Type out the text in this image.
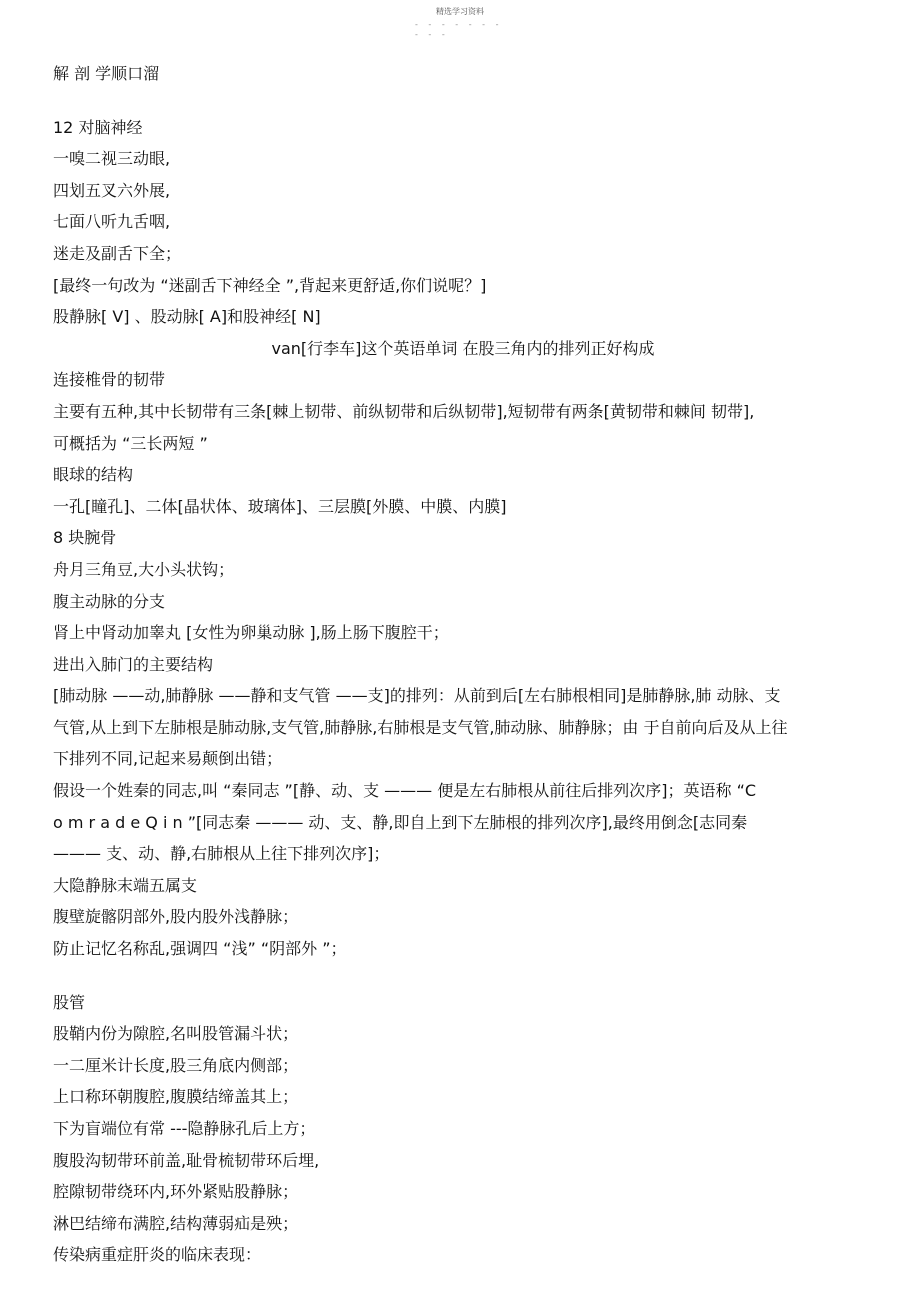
精选学习资料
- - - - - - -
- - -
解 剖 学顺口溜
12 对脑神经
一嗅二视三动眼,
四划五叉六外展,
七面八听九舌咽,
迷走及副舌下全；
[最终一句改为 “迷副舌下神经全 ”,背起来更舒适,你们说呢？]
股静脉[ V] 、股动脉[ A]和股神经[ N]
van[行李车]这个英语单词 在股三角内的排列正好构成
连接椎骨的韧带
主要有五种,其中长韧带有三条[棘上韧带、前纵韧带和后纵韧带],短韧带有两条[黄韧带和棘间 韧带],
可概括为 “三长两短 ”
眼球的结构
一孔[瞳孔]、二体[晶状体、玻璃体]、三层膜[外膜、中膜、内膜]
8 块腕骨
舟月三角豆,大小头状钩；
腹主动脉的分支
肾上中肾动加睾丸 [女性为卵巢动脉 ],肠上肠下腹腔干；
进出入肺门的主要结构
[肺动脉 ——动,肺静脉 ——静和支气管 ——支]的排列：从前到后[左右肺根相同]是肺静脉,肺 动脉、支
气管,从上到下左肺根是肺动脉,支气管,肺静脉,右肺根是支气管,肺动脉、肺静脉；由 于自前向后及从上往
下排列不同,记起来易颠倒出错；
假设一个姓秦的同志,叫 “秦同志 ”[静、动、支 ——— 便是左右肺根从前往后排列次序]；英语称 “C
o m r a d e Q i n ”[同志秦 ——— 动、支、静,即自上到下左肺根的排列次序],最终用倒念[志同秦
——— 支、动、静,右肺根从上往下排列次序]；
大隐静脉末端五属支
腹壁旋髂阴部外,股内股外浅静脉；
防止记忆名称乱,强调四 “浅” “阴部外 ”；
股管
股鞘内份为隙腔,名叫股管漏斗状；
一二厘米计长度,股三角底内侧部；
上口称环朝腹腔,腹膜结缔盖其上；
下为盲端位有常 ---隐静脉孔后上方；
腹股沟韧带环前盖,耻骨梳韧带环后埋,
腔隙韧带绕环内,环外紧贴股静脉；
淋巴结缔布满腔,结构薄弱疝是殃；
传染病重症肝炎的临床表现：
